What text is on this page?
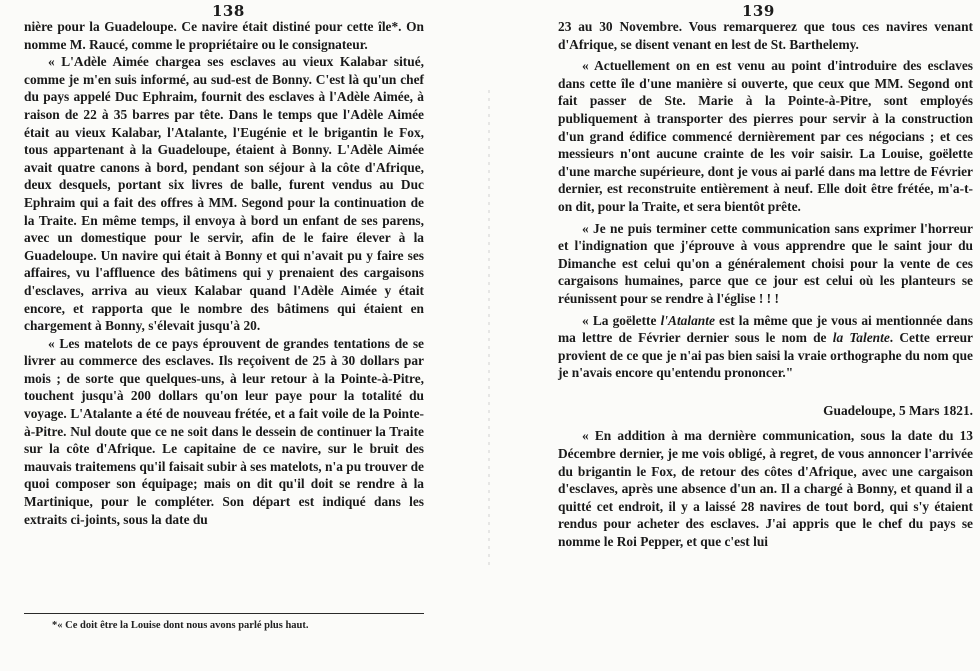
138

nière pour la Guadeloupe. Ce navire était distiné pour cette île*. On nomme M. Raucé, comme le propriétaire ou le consignateur.

« L'Adèle Aimée chargea ses esclaves au vieux Kalabar situé, comme je m'en suis informé, au sud-est de Bonny. C'est là qu'un chef du pays appelé Duc Ephraim, fournit des esclaves à l'Adèle Aimée, à raison de 22 à 35 barres par tête. Dans le temps que l'Adèle Aimée était au vieux Kalabar, l'Atalante, l'Eugénie et le brigantin le Fox, tous appartenant à la Guadeloupe, étaient à Bonny. L'Adèle Aimée avait quatre canons à bord, pendant son séjour à la côte d'Afrique, deux desquels, portant six livres de balle, furent vendus au Duc Ephraim qui a fait des offres à MM. Segond pour la continuation de la Traite. En même temps, il envoya à bord un enfant de ses parens, avec un domestique pour le servir, afin de le faire élever à la Guadeloupe. Un navire qui était à Bonny et qui n'avait pu y faire ses affaires, vu l'affluence des bâtimens qui y prenaient des cargaisons d'esclaves, arriva au vieux Kalabar quand l'Adèle Aimée y était encore, et rapporta que le nombre des bâtimens qui étaient en chargement à Bonny, s'élevait jusqu'à 20.

« Les matelots de ce pays éprouvent de grandes tentations de se livrer au commerce des esclaves. Ils reçoivent de 25 à 30 dollars par mois ; de sorte que quelques-uns, à leur retour à la Pointe-à-Pitre, touchent jusqu'à 200 dollars qu'on leur paye pour la totalité du voyage. L'Atalante a été de nouveau frétée, et a fait voile de la Pointe-à-Pitre. Nul doute que ce ne soit dans le dessein de continuer la Traite sur la côte d'Afrique. Le capitaine de ce navire, sur le bruit des mauvais traitemens qu'il faisait subir à ses matelots, n'a pu trouver de quoi composer son équipage; mais on dit qu'il doit se rendre à la Martinique, pour le compléter. Son départ est indiqué dans les extraits ci-joints, sous la date du

*« Ce doit être la Louise dont nous avons parlé plus haut.
139

23 au 30 Novembre. Vous remarquerez que tous ces navires venant d'Afrique, se disent venant en lest de St. Barthelemy.

« Actuellement on en est venu au point d'introduire des esclaves dans cette île d'une manière si ouverte, que ceux que MM. Segond ont fait passer de Ste. Marie à la Pointe-à-Pitre, sont employés publiquement à transporter des pierres pour servir à la construction d'un grand édifice commencé dernièrement par ces négocians ; et ces messieurs n'ont aucune crainte de les voir saisir. La Louise, goëlette d'une marche supérieure, dont je vous ai parlé dans ma lettre de Février dernier, est reconstruite entièrement à neuf. Elle doit être frétée, m'a-t-on dit, pour la Traite, et sera bientôt prête.

« Je ne puis terminer cette communication sans exprimer l'horreur et l'indignation que j'éprouve à vous apprendre que le saint jour du Dimanche est celui qu'on a généralement choisi pour la vente de ces cargaisons humaines, parce que ce jour est celui où les planteurs se réunissent pour se rendre à l'église ! ! !

« La goëlette l'Atalante est la même que je vous ai mentionnée dans ma lettre de Février dernier sous le nom de la Talente. Cette erreur provient de ce que je n'ai pas bien saisi la vraie orthographe du nom que je n'avais encore qu'entendu prononcer."

Guadeloupe, 5 Mars 1821.

« En addition à ma dernière communication, sous la date du 13 Décembre dernier, je me vois obligé, à regret, de vous annoncer l'arrivée du brigantin le Fox, de retour des côtes d'Afrique, avec une cargaison d'esclaves, après une absence d'un an. Il a chargé à Bonny, et quand il a quitté cet endroit, il y a laissé 28 navires de tout bord, qui s'y étaient rendus pour acheter des esclaves. J'ai appris que le chef du pays se nomme le Roi Pepper, et que c'est lui
